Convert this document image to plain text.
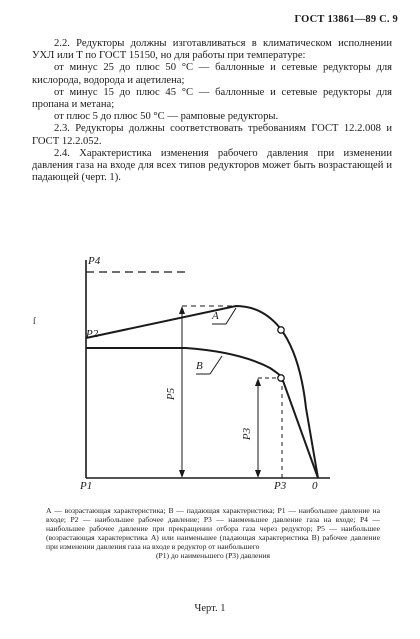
ГОСТ 13861—89 С. 9

2.2. Редукторы должны изготавливаться в климатическом исполнении УХЛ или Т по ГОСТ 15150, но для работы при температуре:

от минус 25 до плюс 50 °С — баллонные и сетевые редукторы для кислорода, водорода и ацетилена;

от минус 15 до плюс 45 °С — баллонные и сетевые редукторы для пропана и метана;

от плюс 5 до плюс 50 °С — рамповые редукторы.

2.3. Редукторы должны соответствовать требованиям ГОСТ 12.2.008 и ГОСТ 12.2.052.

2.4. Характеристика изменения рабочего давления при изменении давления газа на входе для всех типов редукторов может быть возрастающей и падающей (черт. 1).

ſ
P4
P2
P1	P3 0
P5
P3
A
B
А — возрастающая характеристика; В — падающая характеристика; P1 — наибольшее давление на входе; P2 — наибольшее рабочее давление; P3 — наименьшее давление газа на входе; P4 — наибольшее рабочее давление при прекращении отбора газа через редуктор; P5 — наибольшее (возрастающая характеристика А) или наименьшее (падающая характеристика В) рабочее давление при изменении давления газа на входе в редуктор от наибольшего
(P1) до наименьшего (P3) давления
Черт. 1
